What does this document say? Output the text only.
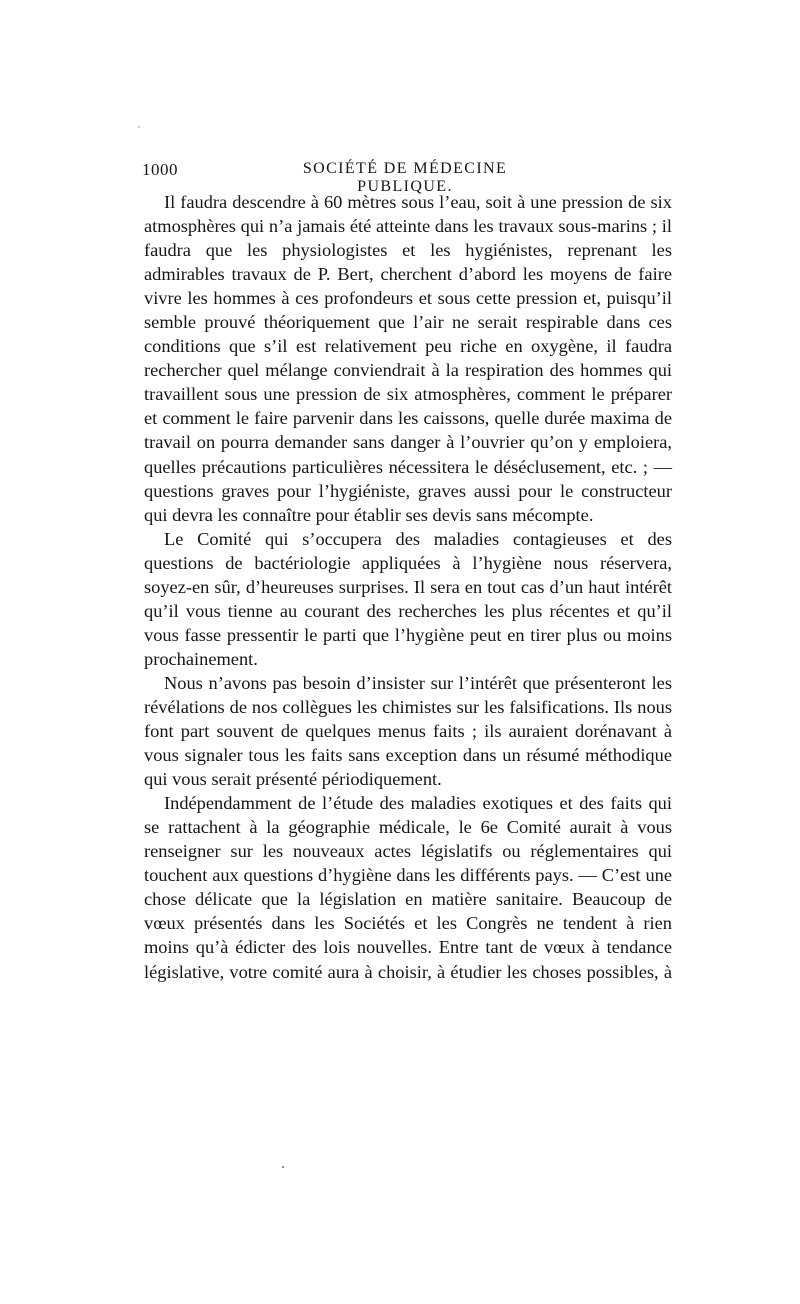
1000	SOCIÉTÉ DE MÉDECINE PUBLIQUE.

Il faudra descendre à 60 mètres sous l’eau, soit à une pression de six atmosphères qui n’a jamais été atteinte dans les travaux sous-marins ; il faudra que les physiologistes et les hygiénistes, reprenant les admirables travaux de P. Bert, cherchent d’abord les moyens de faire vivre les hommes à ces profondeurs et sous cette pression et, puisqu’il semble prouvé théoriquement que l’air ne serait respirable dans ces conditions que s’il est relativement peu riche en oxygène, il faudra rechercher quel mélange conviendrait à la respiration des hommes qui travaillent sous une pression de six atmosphères, comment le préparer et comment le faire parvenir dans les caissons, quelle durée maxima de travail on pourra demander sans danger à l’ouvrier qu’on y emploiera, quelles précautions particulières nécessitera le déséclusement, etc. ; — questions graves pour l’hygiéniste, graves aussi pour le constructeur qui devra les connaître pour établir ses devis sans mécompte.

Le Comité qui s’occupera des maladies contagieuses et des questions de bactériologie appliquées à l’hygiène nous réservera, soyez-en sûr, d’heureuses surprises. Il sera en tout cas d’un haut intérêt qu’il vous tienne au courant des recherches les plus récentes et qu’il vous fasse pressentir le parti que l’hygiène peut en tirer plus ou moins prochainement.

Nous n’avons pas besoin d’insister sur l’intérêt que présenteront les révélations de nos collègues les chimistes sur les falsifications. Ils nous font part souvent de quelques menus faits ; ils auraient dorénavant à vous signaler tous les faits sans exception dans un résumé méthodique qui vous serait présenté périodiquement.

Indépendamment de l’étude des maladies exotiques et des faits qui se rattachent à la géographie médicale, le 6e Comité aurait à vous renseigner sur les nouveaux actes législatifs ou réglementaires qui touchent aux questions d’hygiène dans les différents pays. — C’est une chose délicate que la législation en matière sanitaire. Beaucoup de vœux présentés dans les Sociétés et les Congrès ne tendent à rien moins qu’à édicter des lois nouvelles. Entre tant de vœux à tendance législative, votre comité aura à choisir, à étudier les choses possibles, à
